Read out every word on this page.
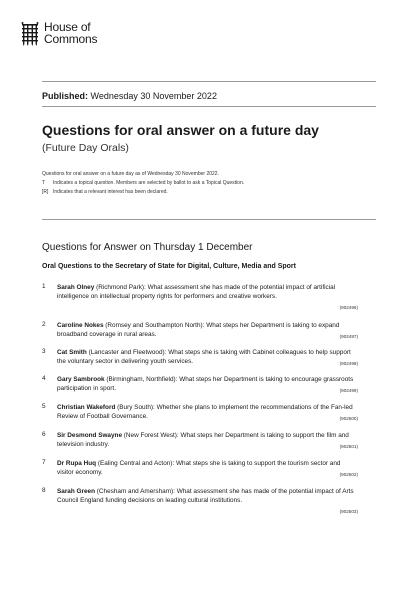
House of
Commons
Published: Wednesday 30 November 2022
Questions for oral answer on a future day
(Future Day Orals)
Questions for oral answer on a future day as of Wednesday 30 November 2022.
T	Indicates a topical question. Members are selected by ballot to ask a Topical Question.
[R] Indicates that a relevant interest has been declared.
Questions for Answer on Thursday 1 December
Oral Questions to the Secretary of State for Digital, Culture, Media and Sport
1	Sarah Olney (Richmond Park): What assessment she has made of the potential impact of artificial intelligence on intellectual property rights for performers and creative workers.
(902496)
2	Caroline Nokes (Romsey and Southampton North): What steps her Department is taking to expand broadband coverage in rural areas.	(902497)
3	Cat Smith (Lancaster and Fleetwood): What steps she is taking with Cabinet colleagues to help support the voluntary sector in delivering youth services.	(902498)
4	Gary Sambrook (Birmingham, Northfield): What steps her Department is taking to encourage grassroots participation in sport.	(902499)
5	Christian Wakeford (Bury South): Whether she plans to implement the recommendations of the Fan-led Review of Football Governance.	(902500)
6	Sir Desmond Swayne (New Forest West): What steps her Department is taking to support the film and television industry.	(902501)
7	Dr Rupa Huq (Ealing Central and Acton): What steps she is taking to support the tourism sector and visitor economy.	(902502)
8	Sarah Green (Chesham and Amersham): What assessment she has made of the potential impact of Arts Council England funding decisions on leading cultural institutions.
(902503)
